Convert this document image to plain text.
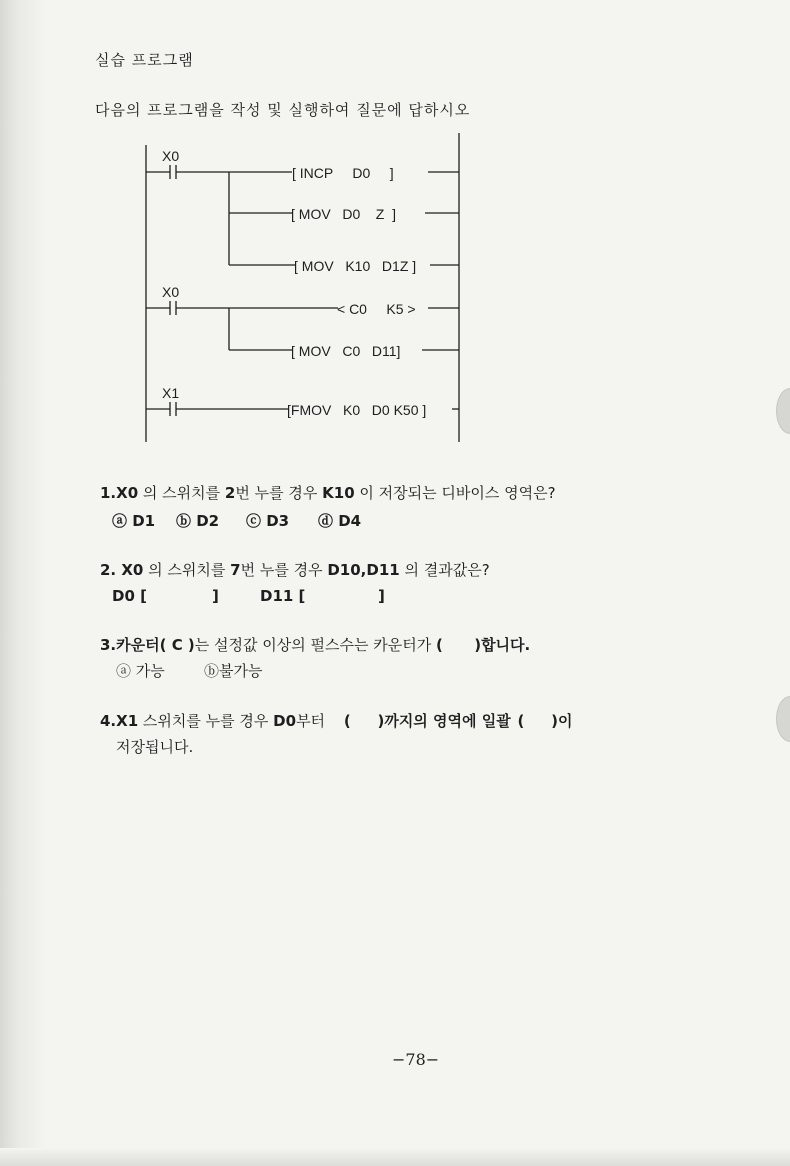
실습 프로그램
다음의 프로그램을 작성 및 실행하여 질문에 답하시오
X0
[ INCP     D0     ]
[ MOV   D0    Z  ]
[ MOV   K10   D1Z ]
X0
< C0     K5 >
[ MOV   C0   D11]
X1
[FMOV   K0   D0 K50 ]
1.X0 의 스위치를 2번 누를 경우 K10 이 저장되는 디바이스 영역은?
ⓐ D1 ⓑ D2 ⓒ D3 ⓓ D4
2. X0 의 스위치를 7번 누를 경우 D10,D11 의 결과값은?
D0 [	]	D11 [	]
3.카운터( C )는 설정값 이상의 펄스수는 카운터가 (      )합니다.
ⓐ 가능	ⓑ불가능
4.X1 스위치를 누를 경우 D0부터 ( )까지의 영역에 일괄 ( )이
저장됩니다.
−78−
